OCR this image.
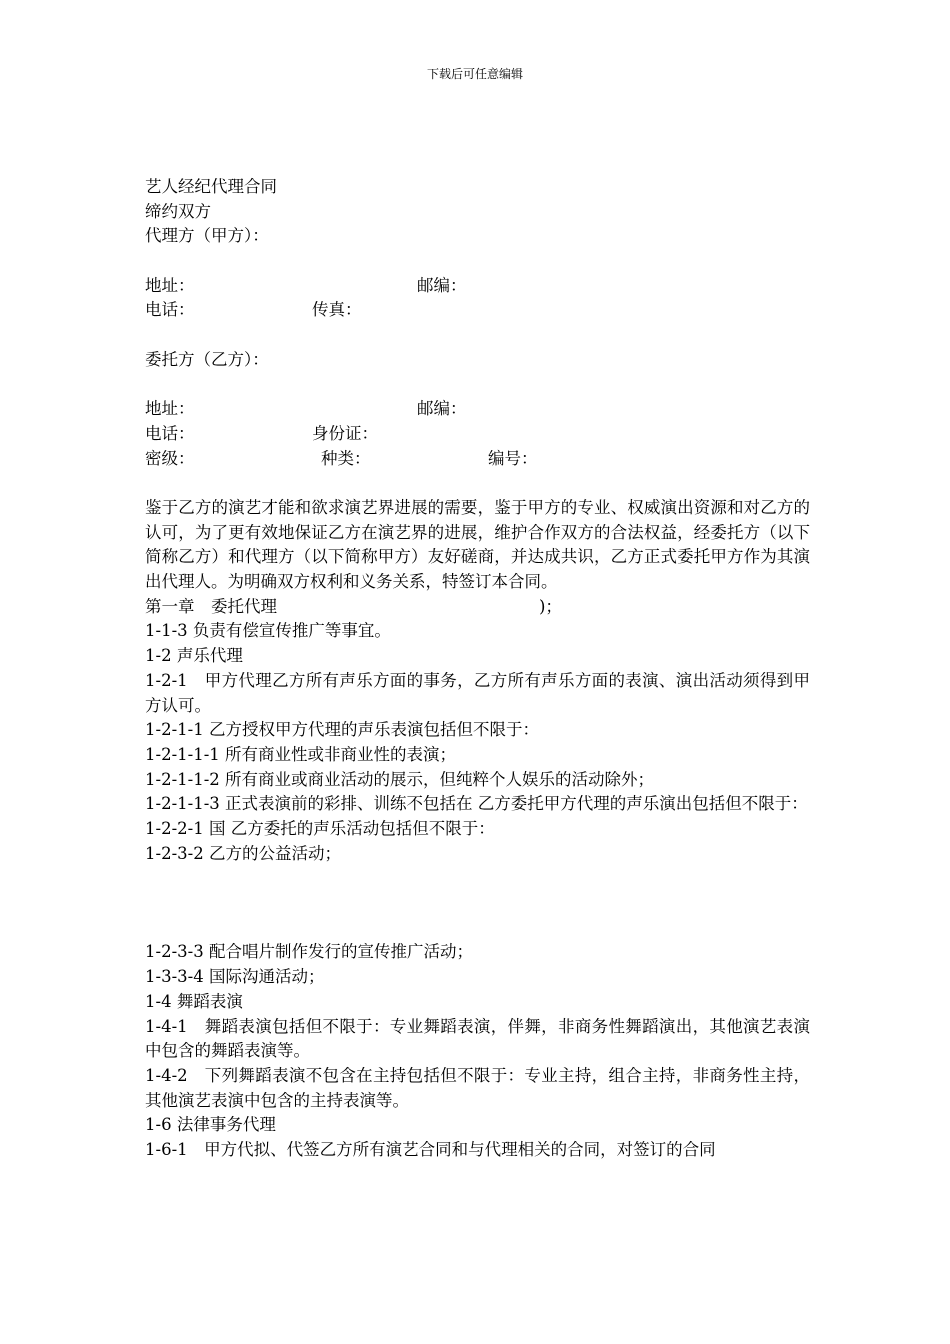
下载后可任意编辑
艺人经纪代理合同
缔约双方
代理方（甲方）：
地址：	邮编：
电话：	传真：
委托方（乙方）：
地址：	邮编：
电话：	身份证：
密级：	种类：	编号：
鉴于乙方的演艺才能和欲求演艺界进展的需要，鉴于甲方的专业、权威演出资源和对乙方的认可，为了更有效地保证乙方在演艺界的进展，维护合作双方的合法权益，经委托方（以下简称乙方）和代理方（以下简称甲方）友好磋商，并达成共识，乙方正式委托甲方作为其演出代理人。为明确双方权利和义务关系，特签订本合同。
第一章　委托代理	)；
1-1-3 负责有偿宣传推广等事宜。
1-2 声乐代理
1-2-1　甲方代理乙方所有声乐方面的事务，乙方所有声乐方面的表演、演出活动须得到甲方认可。
1-2-1-1 乙方授权甲方代理的声乐表演包括但不限于：
1-2-1-1-1 所有商业性或非商业性的表演；
1-2-1-1-2 所有商业或商业活动的展示，但纯粹个人娱乐的活动除外；
1-2-1-1-3 正式表演前的彩排、训练不包括在 乙方委托甲方代理的声乐演出包括但不限于：
1-2-2-1 国 乙方委托的声乐活动包括但不限于：
1-2-3-2 乙方的公益活动；
1-2-3-3 配合唱片制作发行的宣传推广活动；
1-3-3-4 国际沟通活动；
1-4 舞蹈表演
1-4-1　舞蹈表演包括但不限于：专业舞蹈表演，伴舞，非商务性舞蹈演出，其他演艺表演中包含的舞蹈表演等。
1-4-2　下列舞蹈表演不包含在主持包括但不限于：专业主持，组合主持，非商务性主持，其他演艺表演中包含的主持表演等。
1-6 法律事务代理
1-6-1　甲方代拟、代签乙方所有演艺合同和与代理相关的合同，对签订的合同
